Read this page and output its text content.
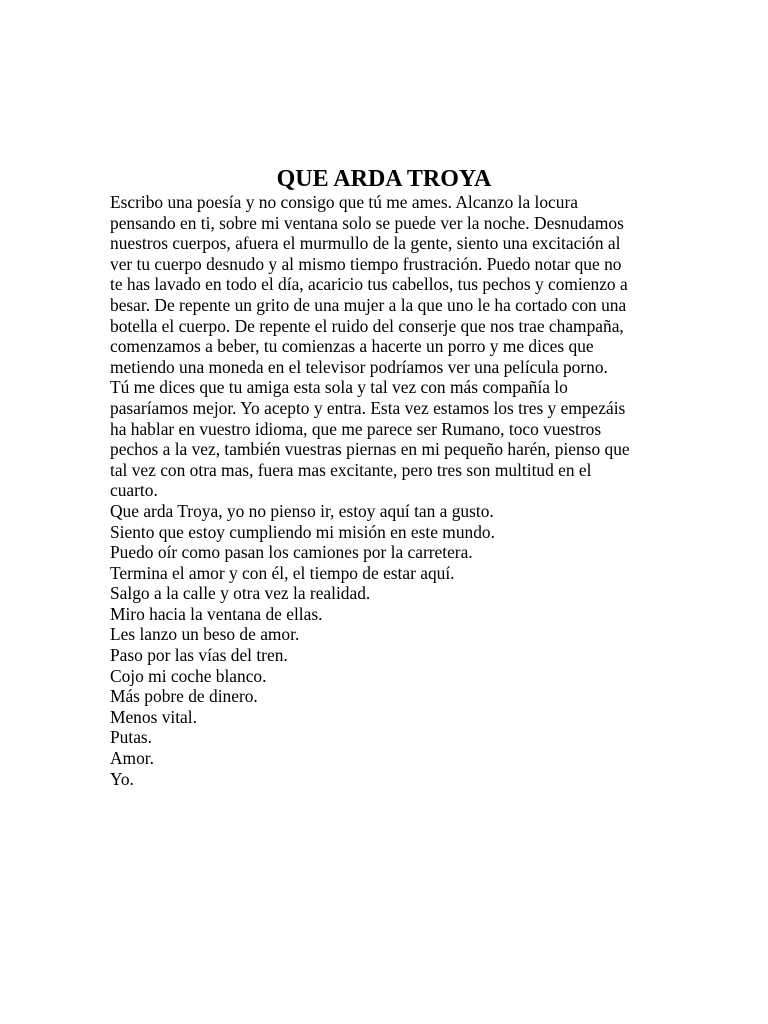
QUE ARDA TROYA
Escribo una poesía y no consigo que tú me ames. Alcanzo la locura
pensando en ti, sobre mi ventana solo se puede ver la noche. Desnudamos
nuestros cuerpos, afuera el murmullo de la gente, siento una excitación al
ver tu cuerpo desnudo y al mismo tiempo frustración. Puedo notar que no
te has lavado en todo el día, acaricio tus cabellos, tus pechos y comienzo a
besar. De repente un grito de una mujer a la que uno le ha cortado con una
botella el cuerpo. De repente el ruido del conserje que nos trae champaña,
comenzamos a beber, tu comienzas a hacerte un porro y me dices que
metiendo una moneda en el televisor podríamos ver una película porno.
Tú me dices que tu amiga esta sola y tal vez con más compañía lo
pasaríamos mejor. Yo acepto y entra. Esta vez estamos los tres y empezáis
ha hablar en vuestro idioma, que me parece ser Rumano, toco vuestros
pechos a la vez, también vuestras piernas en mi pequeño harén, pienso que
tal vez con otra mas, fuera mas excitante, pero tres son multitud en el
cuarto.
Que arda Troya, yo no pienso ir, estoy aquí tan a gusto.
Siento que estoy cumpliendo mi misión en este mundo.
Puedo oír como pasan los camiones por la carretera.
Termina el amor y con él, el tiempo de estar aquí.
Salgo a la calle y otra vez la realidad.
Miro hacia la ventana de ellas.
Les lanzo un beso de amor.
Paso por las vías del tren.
Cojo mi coche blanco.
Más pobre de dinero.
Menos vital.
Putas.
Amor.
Yo.
